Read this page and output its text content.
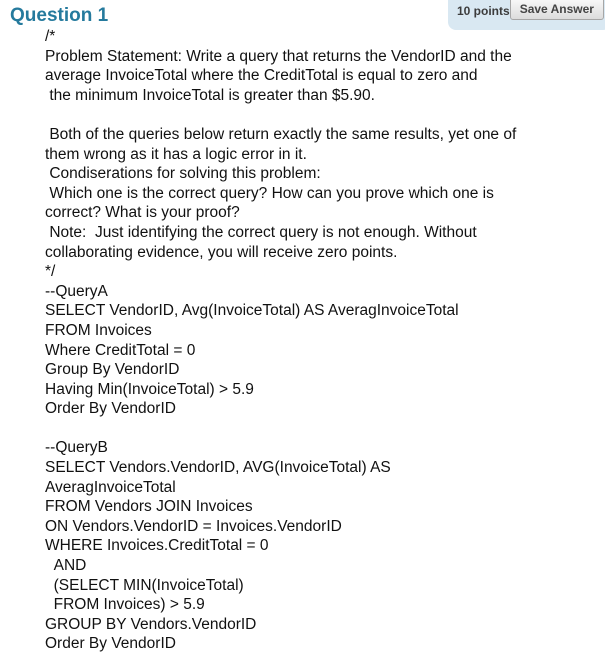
10 points Save Answer
Question 1
/*
Problem Statement: Write a query that returns the VendorID and the
average InvoiceTotal where the CreditTotal is equal to zero and
the minimum InvoiceTotal is greater than $5.90.
Both of the queries below return exactly the same results, yet one of
them wrong as it has a logic error in it.
Condiserations for solving this problem:
Which one is the correct query? How can you prove which one is
correct? What is your proof?
Note:  Just identifying the correct query is not enough. Without
collaborating evidence, you will receive zero points.
*/
--QueryA
SELECT VendorID, Avg(InvoiceTotal) AS AveragInvoiceTotal
FROM Invoices
Where CreditTotal = 0
Group By VendorID
Having Min(InvoiceTotal) > 5.9
Order By VendorID
--QueryB
SELECT Vendors.VendorID, AVG(InvoiceTotal) AS
AveragInvoiceTotal
FROM Vendors JOIN Invoices
ON Vendors.VendorID = Invoices.VendorID
WHERE Invoices.CreditTotal = 0
AND
(SELECT MIN(InvoiceTotal)
FROM Invoices) > 5.9
GROUP BY Vendors.VendorID
Order By VendorID
